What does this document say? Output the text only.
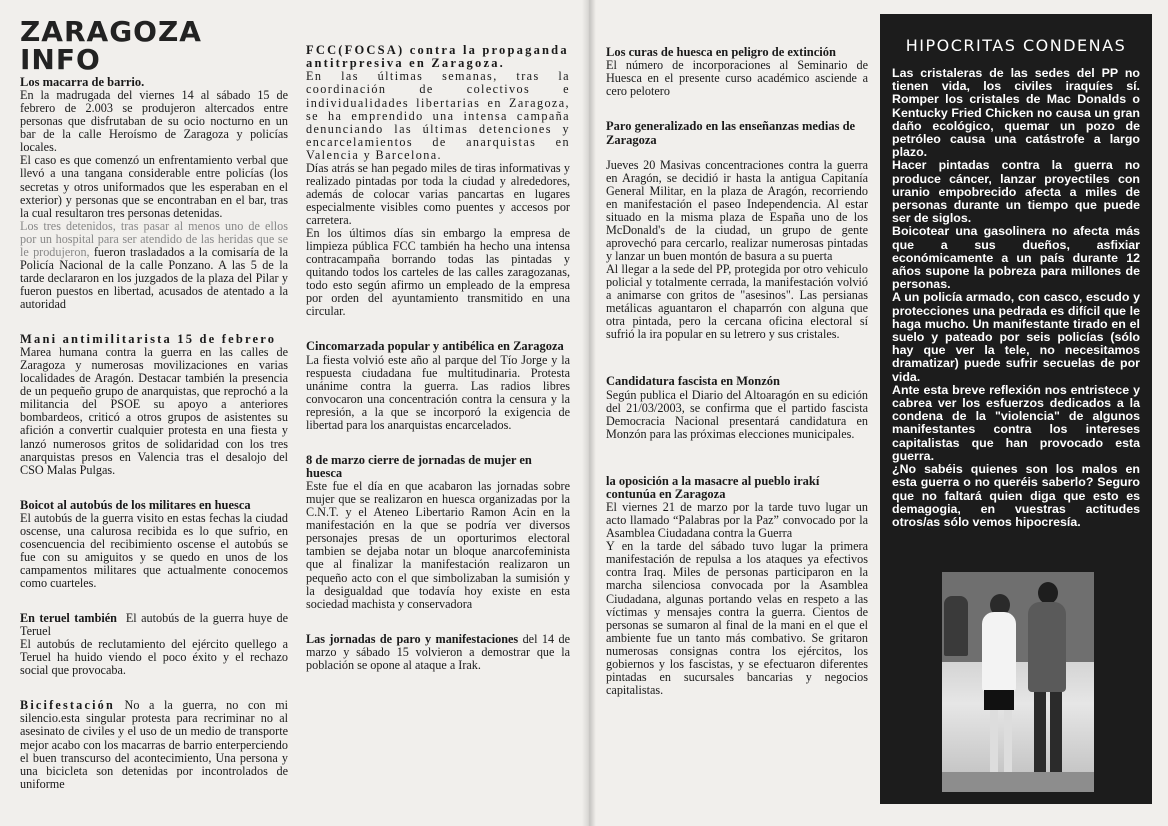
ZARAGOZA INFO
Los macarra de barrio.

En la madrugada del viernes 14 al sábado 15 de febrero de 2.003 se produjeron altercados entre personas que disfrutaban de su ocio nocturno en un bar de la calle Heroísmo de Zaragoza y policías locales.

El caso es que comenzó un enfrentamiento verbal que llevó a una tangana considerable entre policías (los secretas y otros uniformados que les esperaban en el exterior) y personas que se encontraban en el bar, tras la cual resultaron tres personas detenidas.

Los tres detenidos, tras pasar al menos uno de ellos por un hospital para ser atendido de las heridas que se le produjeron, fueron trasladados a la comisaría de la Policía Nacional de la calle Ponzano. A las 5 de la tarde declararon en los juzgados de la plaza del Pilar y fueron puestos en libertad, acusados de atentado a la autoridad

Mani antimilitarista 15 de febrero

Marea humana contra la guerra en las calles de Zaragoza y numerosas movilizaciones en varias localidades de Aragón. Destacar también la presencia de un pequeño grupo de anarquistas, que reprochó a la militancia del PSOE su apoyo a anteriores bombardeos, criticó a otros grupos de asistentes su afición a convertir cualquier protesta en una fiesta y lanzó numerosos gritos de solidaridad con los tres anarquistas presos en Valencia tras el desalojo del CSO Malas Pulgas.

Boicot al autobús de los militares en huesca

El autobús de la guerra visito en estas fechas la ciudad oscense, una calurosa recibida es lo que sufrio, en cosencuencia del recibimiento oscense el autobús se fue con su amiguitos y se quedo en unos de los campamentos militares que actualmente conocemos como cuarteles.

En teruel también El autobús de la guerra huye de Teruel

El autobús de reclutamiento del ejército quellego a Teruel ha huido viendo el poco éxito y el rechazo social que provocaba.

Bicifestación No a la guerra, no con mi silencio.esta singular protesta para recriminar no al asesinato de civiles y el uso de un medio de transporte mejor acabo con los macarras de barrio enterperciendo el buen transcurso del acontecimiento, Una persona y una bicicleta son detenidas por incontrolados de uniforme

FCC(FOCSA) contra la propaganda antitrpresiva en Zaragoza.

En las últimas semanas, tras la coordinación de colectivos e individualidades libertarias en Zaragoza, se ha emprendido una intensa campaña denunciando las últimas detenciones y encarcelamientos de anarquistas en Valencia y Barcelona.

Días atrás se han pegado miles de tiras informativas y realizado pintadas por toda la ciudad y alrededores, además de colocar varias pancartas en lugares especialmente visibles como puentes y accesos por carretera.

En los últimos días sin embargo la empresa de limpieza pública FCC también ha hecho una intensa contracampaña borrando todas las pintadas y quitando todos los carteles de las calles zaragozanas, todo esto según afirmo un empleado de la empresa por orden del ayuntamiento transmitido en una circular.

Cincomarzada popular y antibélica en Zaragoza

La fiesta volvió este año al parque del Tío Jorge y la respuesta ciudadana fue multitudinaria. Protesta unánime contra la guerra. Las radios libres convocaron una concentración contra la censura y la represión, a la que se incorporó la exigencia de libertad para los anarquistas encarcelados.

8 de marzo cierre de jornadas de mujer en huesca

Este fue el día en que acabaron las jornadas sobre mujer que se realizaron en huesca organizadas por la C.N.T. y el Ateneo Libertario Ramon Acin en la manifestación en la que se podría ver diversos personajes presas de un oporturimos electoral tambien se dejaba notar un bloque anarcofeminista que al finalizar la manifestación realizaron un pequeño acto con el que simbolizaban la sumisión y la desigualdad que todavía hoy existe en esta sociedad machista y conservadora

Las jornadas de paro y manifestaciones del 14 de marzo y sábado 15 volvieron a demostrar que la población se opone al ataque a Irak.

Los curas de huesca en peligro de extinción

El número de incorporaciones al Seminario de Huesca en el presente curso académico asciende a cero pelotero

Paro generalizado en las enseñanzas medias de Zaragoza

Jueves 20 Masivas concentraciones contra la guerra en Aragón, se decidió ir hasta la antigua Capitanía General Militar, en la plaza de Aragón, recorriendo en manifestación el paseo Independencia. Al estar situado en la misma plaza de España uno de los McDonald's de la ciudad, un grupo de gente aprovechó para cercarlo, realizar numerosas pintadas y lanzar un buen montón de basura a su puerta

Al llegar a la sede del PP, protegida por otro vehiculo policial y totalmente cerrada, la manifestación volvió a animarse con gritos de "asesinos". Las persianas metálicas aguantaron el chaparrón con alguna que otra pintada, pero la cercana oficina electoral sí sufrió la ira popular en su letrero y sus cristales.

Candidatura fascista en Monzón

Según publica el Diario del Altoaragón en su edición del 21/03/2003, se confirma que el partido fascista Democracia Nacional presentará candidatura en Monzón para las próximas elecciones municipales.

la oposición a la masacre al pueblo irakí contunúa en Zaragoza

El viernes 21 de marzo por la tarde tuvo lugar un acto llamado “Palabras por la Paz” convocado por la Asamblea Ciudadana contra la Guerra

Y en la tarde del sábado tuvo lugar la primera manifestación de repulsa a los ataques ya efectivos contra Iraq. Miles de personas participaron en la marcha silenciosa convocada por la Asamblea Ciudadana, algunas portando velas en respeto a las víctimas y mensajes contra la guerra. Cientos de personas se sumaron al final de la mani en el que el ambiente fue un tanto más combativo. Se gritaron numerosas consignas contra los ejércitos, los gobiernos y los fascistas, y se efectuaron diferentes pintadas en sucursales bancarias y negocios capitalistas.

HIPOCRITAS CONDENAS

Las cristaleras de las sedes del PP no tienen vida, los civiles iraquíes sí. Romper los cristales de Mac Donalds o Kentucky Fried Chicken no causa un gran daño ecológico, quemar un pozo de petróleo causa una catástrofe a largo plazo.

Hacer pintadas contra la guerra no produce cáncer, lanzar proyectiles con uranio empobrecido afecta a miles de personas durante un tiempo que puede ser de siglos.

Boicotear una gasolinera no afecta más que a sus dueños, asfixiar económicamente a un país durante 12 años supone la pobreza para millones de personas.

A un policía armado, con casco, escudo y protecciones una pedrada es difícil que le haga mucho. Un manifestante tirado en el suelo y pateado por seis policías (sólo hay que ver la tele, no necesitamos dramatizar) puede sufrir secuelas de por vida.

Ante esta breve reflexión nos entristece y cabrea ver los esfuerzos dedicados a la condena de la "violencia" de algunos manifestantes contra los intereses capitalistas que han provocado esta guerra.

¿No sabéis quienes son los malos en esta guerra o no queréis saberlo? Seguro que no faltará quien diga que esto es demagogia, en vuestras actitudes otros/as sólo vemos hipocresía.
